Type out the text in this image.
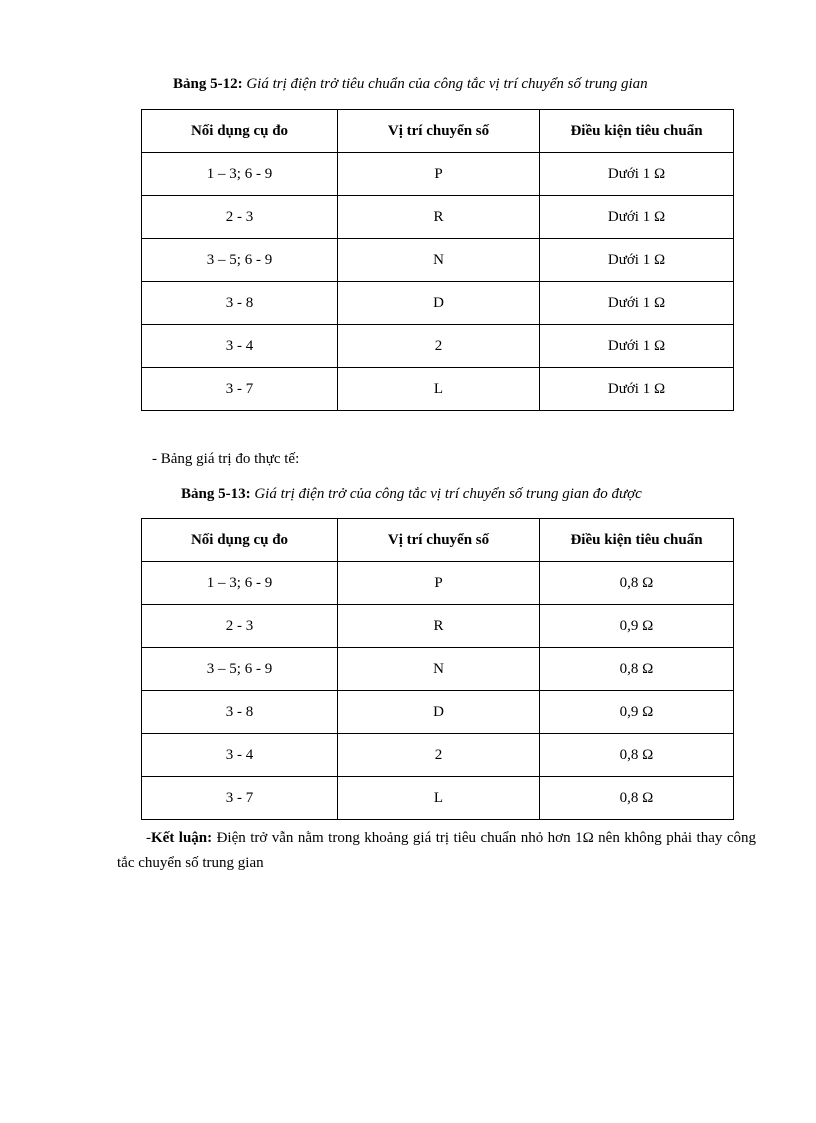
Bảng 5-12: Giá trị điện trở tiêu chuẩn của công tắc vị trí chuyển số trung gian
Nối dụng cụ đo	Vị trí chuyển số	Điều kiện tiêu chuẩn
1 – 3; 6 - 9	P	Dưới 1 Ω
2 - 3	R	Dưới 1 Ω
3 – 5; 6 - 9	N	Dưới 1 Ω
3 - 8	D	Dưới 1 Ω
3 - 4	2	Dưới 1 Ω
3 - 7	L	Dưới 1 Ω
- Bảng giá trị đo thực tế:
Bảng 5-13: Giá trị điện trở của công tắc vị trí chuyển số trung gian đo được
Nối dụng cụ đo	Vị trí chuyển số	Điều kiện tiêu chuẩn
1 – 3; 6 - 9	P	0,8 Ω
2 - 3	R	0,9 Ω
3 – 5; 6 - 9	N	0,8 Ω
3 - 8	D	0,9 Ω
3 - 4	2	0,8 Ω
3 - 7	L	0,8 Ω
-Kết luận: Điện trở vẫn nằm trong khoảng giá trị tiêu chuẩn nhỏ hơn 1Ω nên không phải thay công tắc chuyển số trung gian
